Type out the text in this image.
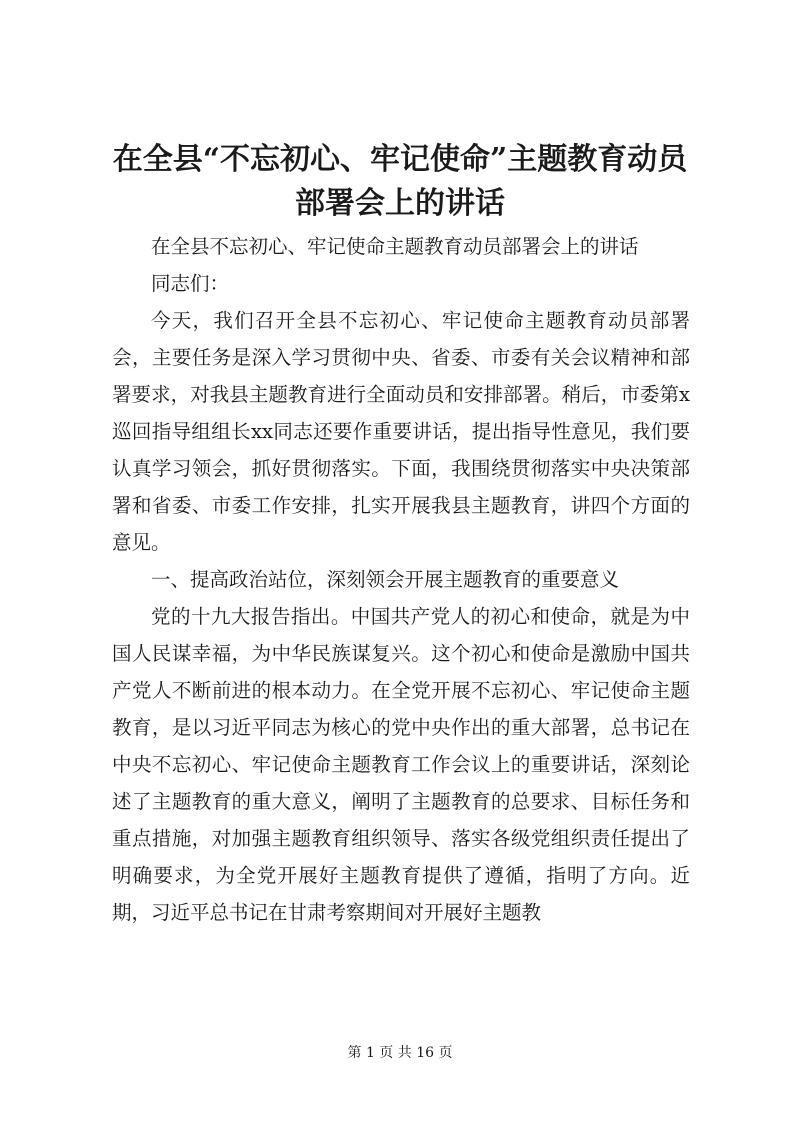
在全县“不忘初心、牢记使命”主题教育动员部署会上的讲话

在全县不忘初心、牢记使命主题教育动员部署会上的讲话

同志们：

今天，我们召开全县不忘初心、牢记使命主题教育动员部署会，主要任务是深入学习贯彻中央、省委、市委有关会议精神和部署要求，对我县主题教育进行全面动员和安排部署。稍后，市委第x巡回指导组组长xx同志还要作重要讲话，提出指导性意见，我们要认真学习领会，抓好贯彻落实。下面，我围绕贯彻落实中央决策部署和省委、市委工作安排，扎实开展我县主题教育，讲四个方面的意见。

一、提高政治站位，深刻领会开展主题教育的重要意义

党的十九大报告指出。中国共产党人的初心和使命，就是为中国人民谋幸福，为中华民族谋复兴。这个初心和使命是激励中国共产党人不断前进的根本动力。在全党开展不忘初心、牢记使命主题教育，是以习近平同志为核心的党中央作出的重大部署，总书记在中央不忘初心、牢记使命主题教育工作会议上的重要讲话，深刻论述了主题教育的重大意义，阐明了主题教育的总要求、目标任务和重点措施，对加强主题教育组织领导、落实各级党组织责任提出了明确要求，为全党开展好主题教育提供了遵循，指明了方向。近期，习近平总书记在甘肃考察期间对开展好主题教

第 1 页 共 16 页
